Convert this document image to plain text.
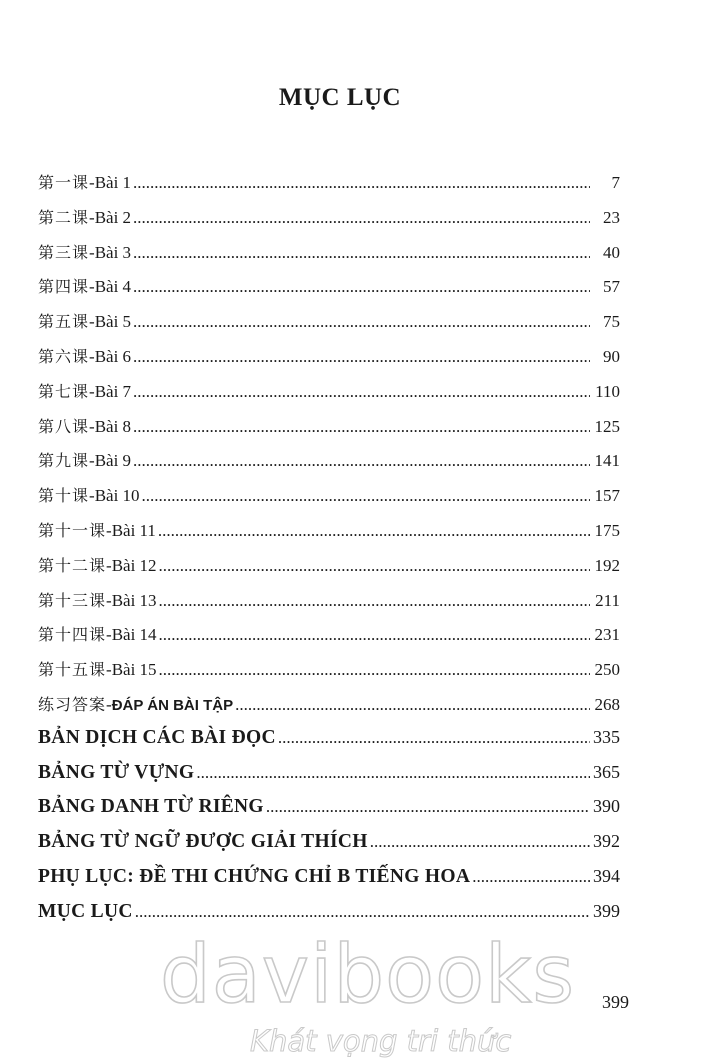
MỤC LỤC
第一课 - Bài 1 .....	7
第二课 - Bài 2 .....	23
第三课 - Bài 3 .....	40
第四课 - Bài 4 .....	57
第五课 - Bài 5 .....	75
第六课 - Bài 6 .....	90
第七课 - Bài 7 .....	110
第八课 - Bài 8 .....	125
第九课 - Bài 9 .....	141
第十课 - Bài 10 .....	157
第十一课 - Bài 11 .....	175
第十二课 - Bài 12 .....	192
第十三课 - Bài 13 .....	211
第十四课 - Bài 14 .....	231
第十五课 - Bài 15 .....	250
练习答案 - ĐÁP ÁN BÀI TẬP .....	268
BẢN DỊCH CÁC BÀI ĐỌC .....	335
BẢNG TỪ VỰNG .....	365
BẢNG DANH TỪ RIÊNG .....	390
BẢNG TỪ NGỮ ĐƯỢC GIẢI THÍCH .....	392
PHỤ LỤC: ĐỀ THI CHỨNG CHỈ B TIẾNG HOA .....	394
MỤC LỤC .....	399
davibooks
Khát vọng tri thức
399
